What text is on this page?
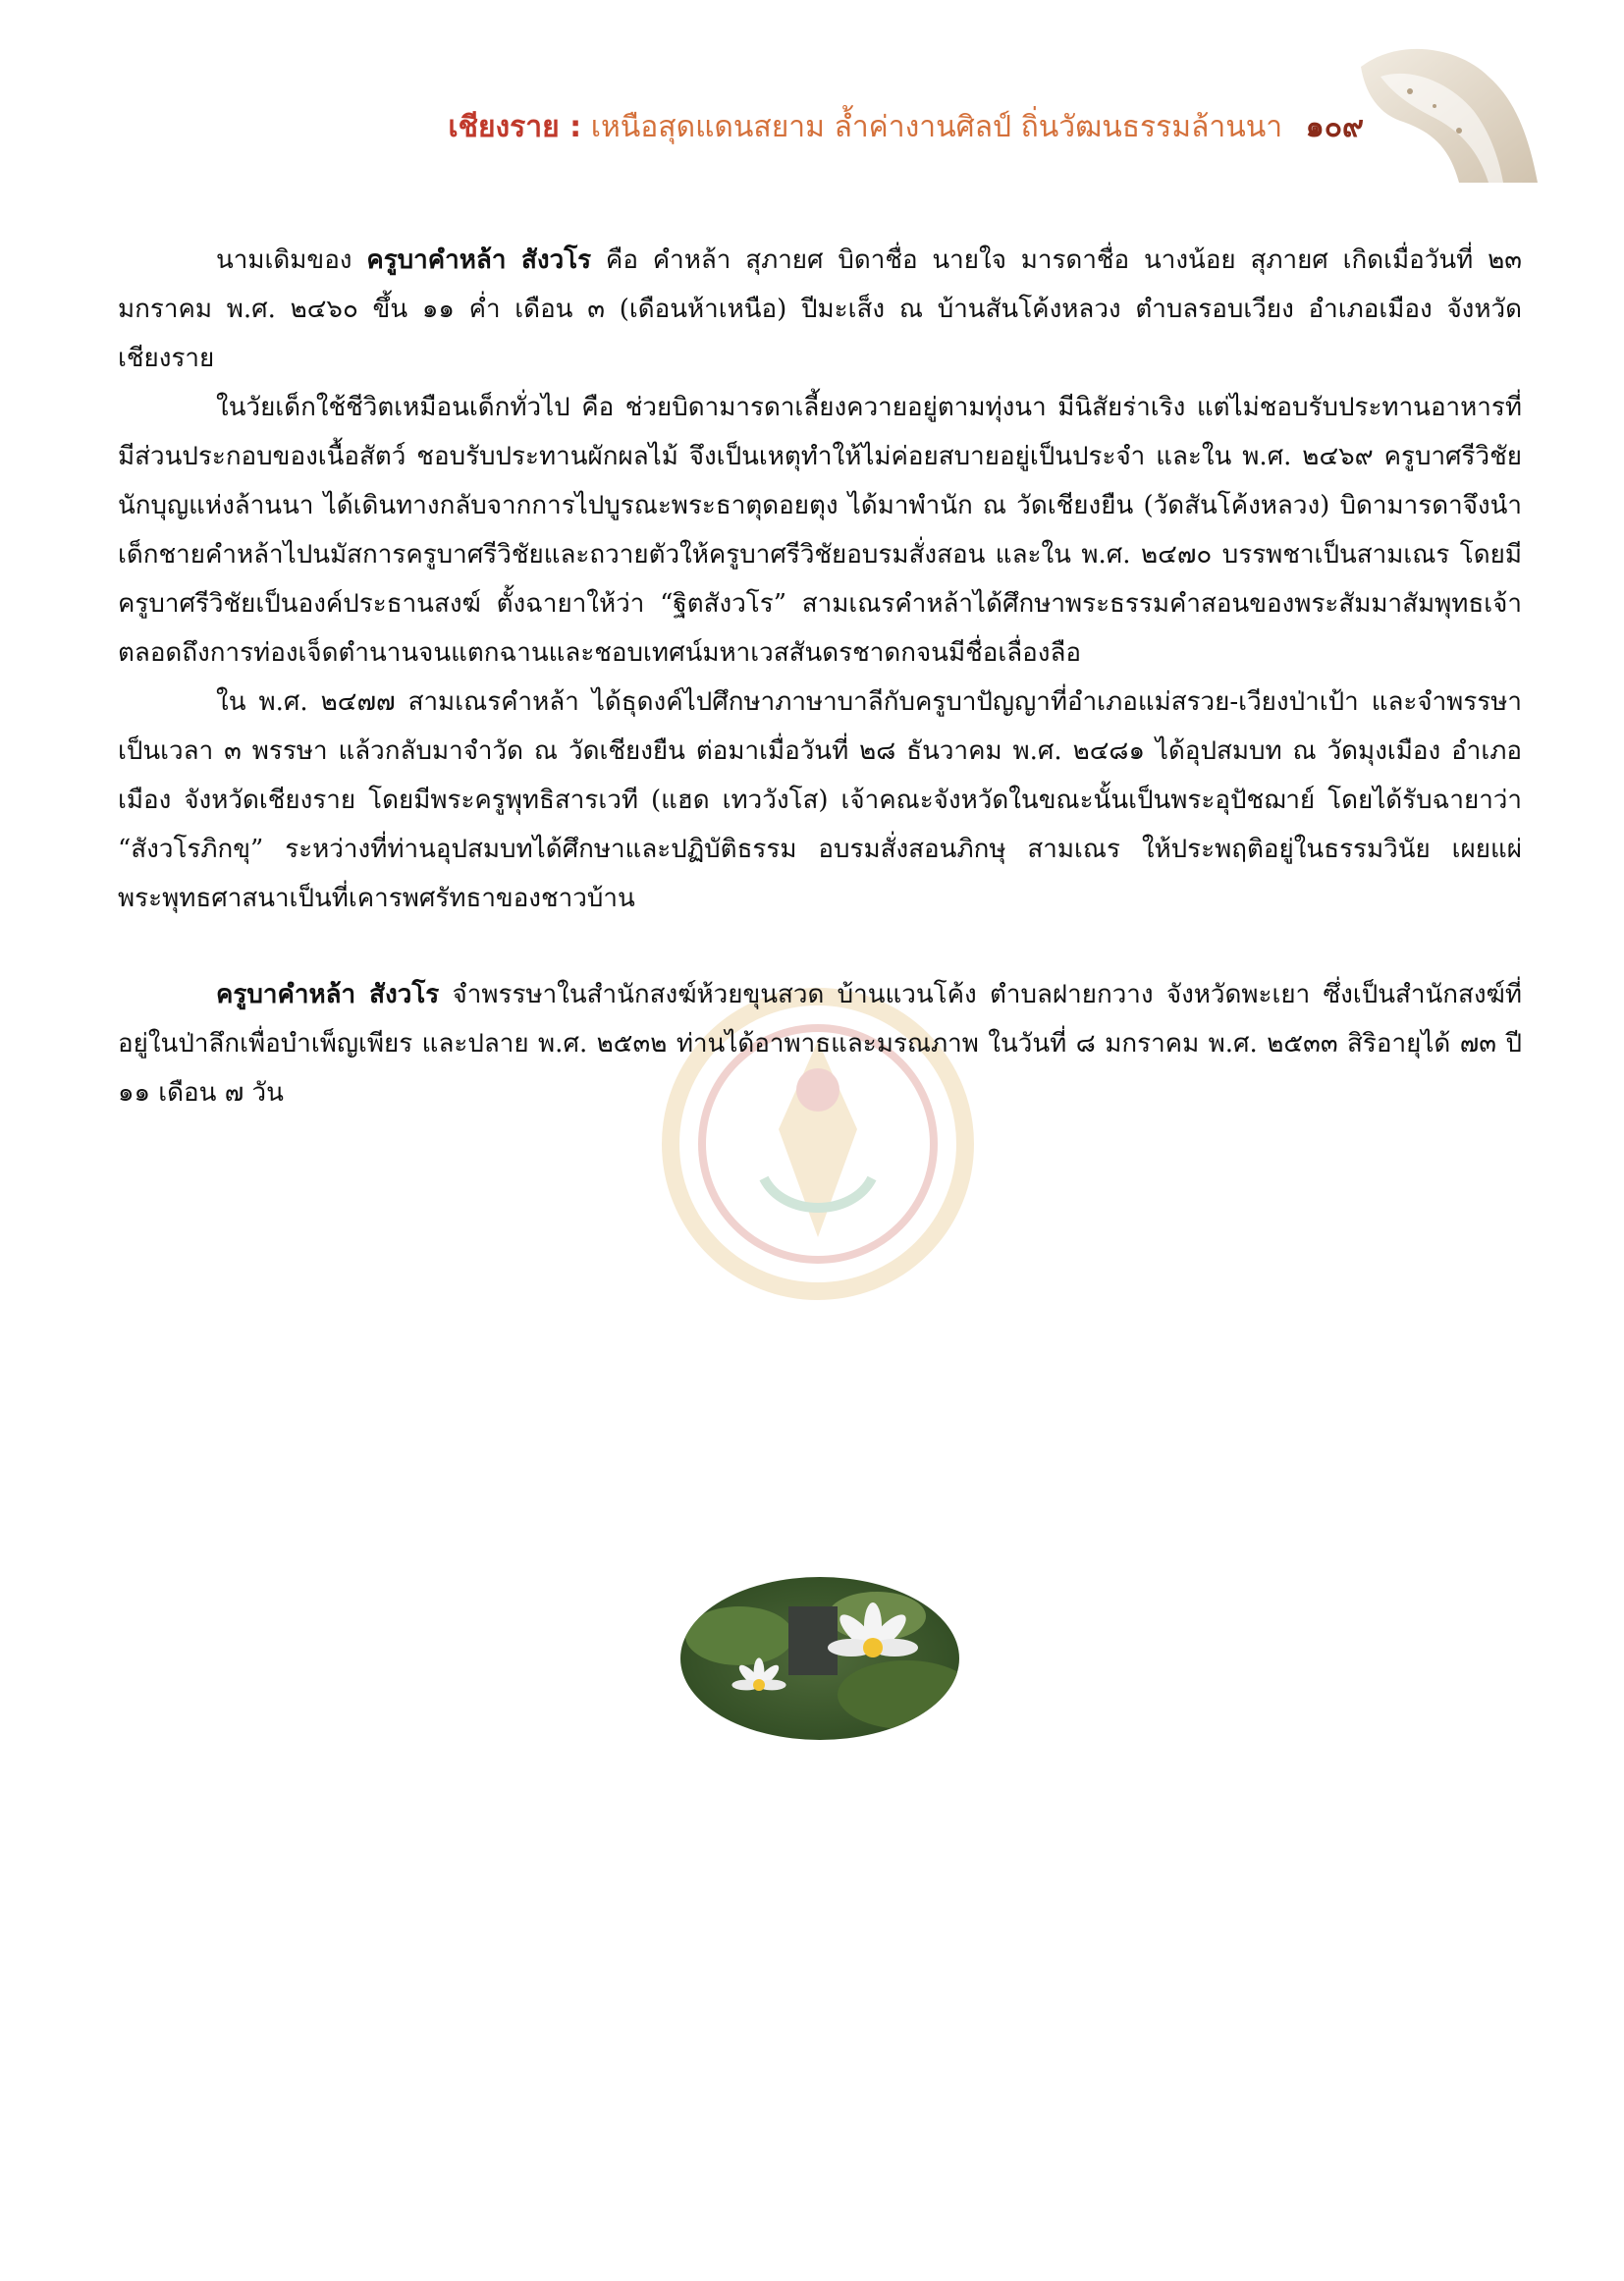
เชียงราย : เหนือสุดแดนสยาม ล้ำค่างานศิลป์ ถิ่นวัฒนธรรมล้านนา ๑๐๙

นามเดิมของ ครูบาคำหล้า สังวโร คือ คำหล้า สุภายศ บิดาชื่อ นายใจ มารดาชื่อ นางน้อย สุภายศ เกิดเมื่อวันที่ ๒๓ มกราคม พ.ศ. ๒๔๖๐ ขึ้น ๑๑ ค่ำ เดือน ๓ (เดือนห้าเหนือ) ปีมะเส็ง ณ บ้านสันโค้งหลวง ตำบลรอบเวียง อำเภอเมือง จังหวัดเชียงราย

ในวัยเด็กใช้ชีวิตเหมือนเด็กทั่วไป คือ ช่วยบิดามารดาเลี้ยงควายอยู่ตามทุ่งนา มีนิสัยร่าเริง แต่ไม่ชอบรับประทานอาหารที่มีส่วนประกอบของเนื้อสัตว์ ชอบรับประทานผักผลไม้ จึงเป็นเหตุทำให้ไม่ค่อยสบายอยู่เป็นประจำ และใน พ.ศ. ๒๔๖๙ ครูบาศรีวิชัยนักบุญแห่งล้านนา ได้เดินทางกลับจากการไปบูรณะพระธาตุดอยตุง ได้มาพำนัก ณ วัดเชียงยืน (วัดสันโค้งหลวง) บิดามารดาจึงนำเด็กชายคำหล้าไปนมัสการครูบาศรีวิชัยและถวายตัวให้ครูบาศรีวิชัยอบรมสั่งสอน และใน พ.ศ. ๒๔๗๐ บรรพชาเป็นสามเณร โดยมีครูบาศรีวิชัยเป็นองค์ประธานสงฆ์ ตั้งฉายาให้ว่า “ฐิตสังวโร” สามเณรคำหล้าได้ศึกษาพระธรรมคำสอนของพระสัมมาสัมพุทธเจ้า ตลอดถึงการท่องเจ็ดตำนานจนแตกฉานและชอบเทศน์มหาเวสสันดรชาดกจนมีชื่อเลื่องลือ

ใน พ.ศ. ๒๔๗๗ สามเณรคำหล้า ได้ธุดงค์ไปศึกษาภาษาบาลีกับครูบาปัญญาที่อำเภอแม่สรวย-เวียงป่าเป้า และจำพรรษาเป็นเวลา ๓ พรรษา แล้วกลับมาจำวัด ณ วัดเชียงยืน ต่อมาเมื่อวันที่ ๒๘ ธันวาคม พ.ศ. ๒๔๘๑ ได้อุปสมบท ณ วัดมุงเมือง อำเภอเมือง จังหวัดเชียงราย โดยมีพระครูพุทธิสารเวที (แฮด เทววังโส) เจ้าคณะจังหวัดในขณะนั้นเป็นพระอุปัชฌาย์ โดยได้รับฉายาว่า “สังวโรภิกขุ” ระหว่างที่ท่านอุปสมบทได้ศึกษาและปฏิบัติธรรม อบรมสั่งสอนภิกษุ สามเณร ให้ประพฤติอยู่ในธรรมวินัย เผยแผ่พระพุทธศาสนาเป็นที่เคารพศรัทธาของชาวบ้าน

ครูบาคำหล้า สังวโร จำพรรษาในสำนักสงฆ์ห้วยขุนสวด บ้านแวนโค้ง ตำบลฝายกวาง จังหวัดพะเยา ซึ่งเป็นสำนักสงฆ์ที่อยู่ในป่าลึกเพื่อบำเพ็ญเพียร และปลาย พ.ศ. ๒๕๓๒ ท่านได้อาพาธและมรณภาพ ในวันที่ ๘ มกราคม พ.ศ. ๒๕๓๓ สิริอายุได้ ๗๓ ปี ๑๑ เดือน ๗ วัน
